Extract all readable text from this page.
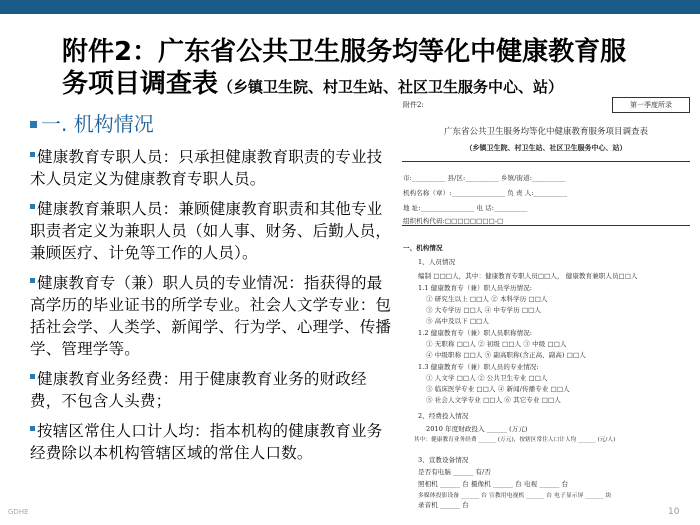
附件2：广东省公共卫生服务均等化中健康教育服
务项目调查表（乡镇卫生院、村卫生站、社区卫生服务中心、站）
一. 机构情况
健康教育专职人员：只承担健康教育职责的专业技术人员定义为健康教育专职人员。
健康教育兼职人员：兼顾健康教育职责和其他专业职责者定义为兼职人员（如人事、财务、后勤人员，兼顾医疗、计免等工作的人员）。
健康教育专（兼）职人员的专业情况：指获得的最高学历的毕业证书的所学专业。社会人文学专业：包括社会学、人类学、新闻学、行为学、心理学、传播学、管理学等。
健康教育业务经费：用于健康教育业务的财政经费，不包含人头费；
按辖区常住人口计人均：指本机构的健康教育业务经费除以本机构管辖区域的常住人口数。
附件2:	第一季度所录
广东省公共卫生服务均等化中健康教育服务项目调查表
（乡镇卫生院、村卫生站、社区卫生服务中心、站）
市:__________ 县/区:__________ 乡镇/街道:__________
机构名称（章）:________________ 负 责 人:__________
地 址:________________ 电 话:__________
组织机构代码:□□□□□□□□-□
一、机构情况
1、人员情况
编制 □□□人，其中：健康教育专职人员□□人， 健康教育兼职人员□□人
1.1 健康教育专（兼）职人员学历情况:
① 研究生以上 □□人 ② 本科学历 □□人
③ 大专学历 □□人 ④ 中专学历 □□人
⑤ 高中及以下 □□人
1.2 健康教育专（兼）职人员职称情况:
① 无职称 □□人 ② 初级 □□人 ③ 中级 □□人
④ 中级职称 □□人 ⑤ 副高职称(含正高、副高) □□人
1.3 健康教育专（兼）职人员的专业情况:
① 人文学 □□人 ② 公共卫生专业 □□人
③ 临床医学专业 □□人 ④ 新闻/传播专业 □□人
⑤ 社会人文学专业 □□人 ⑥ 其它专业 □□人
2、经费投入情况
2010 年度财政投入 ______ (万元)
其中：健康教育业务经费 ______ (万元)，按辖区常住人口计人均 ______ (元/人)
3、宣教设备情况
是否有电脑 ______ 有/否
照相机 ______ 台 摄像机 ______ 台 电视 ______ 台
多媒体投影设备 ______ 台 宣教用电视机 ______ 台 电子显示屏 ______ 块
录音机 ______ 台
GDHE	10
